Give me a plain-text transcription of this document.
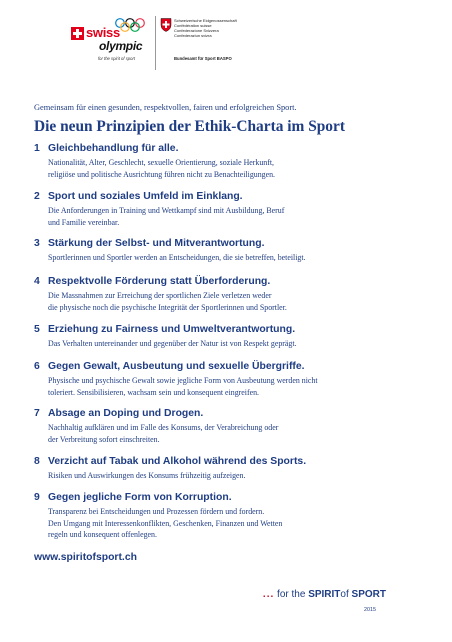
swiss
olympic
for the spirit of sport
Schweizerische Eidgenossenschaft
Confédération suisse
Confederazione Svizzera
Confederaziun svizra
Bundesamt für Sport BASPO
Gemeinsam für einen gesunden, respektvollen, fairen und erfolgreichen Sport.
Die neun Prinzipien der Ethik-Charta im Sport
1 Gleichbehandlung für alle.
Nationalität, Alter, Geschlecht, sexuelle Orientierung, soziale Herkunft,
religiöse und politische Ausrichtung führen nicht zu Benachteiligungen.
2 Sport und soziales Umfeld im Einklang.
Die Anforderungen in Training und Wettkampf sind mit Ausbildung, Beruf
und Familie vereinbar.
3 Stärkung der Selbst- und Mitverantwortung.
Sportlerinnen und Sportler werden an Entscheidungen, die sie betreffen, beteiligt.
4 Respektvolle Förderung statt Überforderung.
Die Massnahmen zur Erreichung der sportlichen Ziele verletzen weder
die physische noch die psychische Integrität der Sportlerinnen und Sportler.
5 Erziehung zu Fairness und Umweltverantwortung.
Das Verhalten untereinander und gegenüber der Natur ist von Respekt geprägt.
6 Gegen Gewalt, Ausbeutung und sexuelle Übergriffe.
Physische und psychische Gewalt sowie jegliche Form von Ausbeutung werden nicht
toleriert. Sensibilisieren, wachsam sein und konsequent eingreifen.
7 Absage an Doping und Drogen.
Nachhaltig aufklären und im Falle des Konsums, der Verabreichung oder
der Verbreitung sofort einschreiten.
8 Verzicht auf Tabak und Alkohol während des Sports.
Risiken und Auswirkungen des Konsums frühzeitig aufzeigen.
9 Gegen jegliche Form von Korruption.
Transparenz bei Entscheidungen und Prozessen fördern und fordern.
Den Umgang mit Interessenkonflikten, Geschenken, Finanzen und Wetten
regeln und konsequent offenlegen.
www.spiritofsport.ch
... for the SPIRITof SPORT
2015
